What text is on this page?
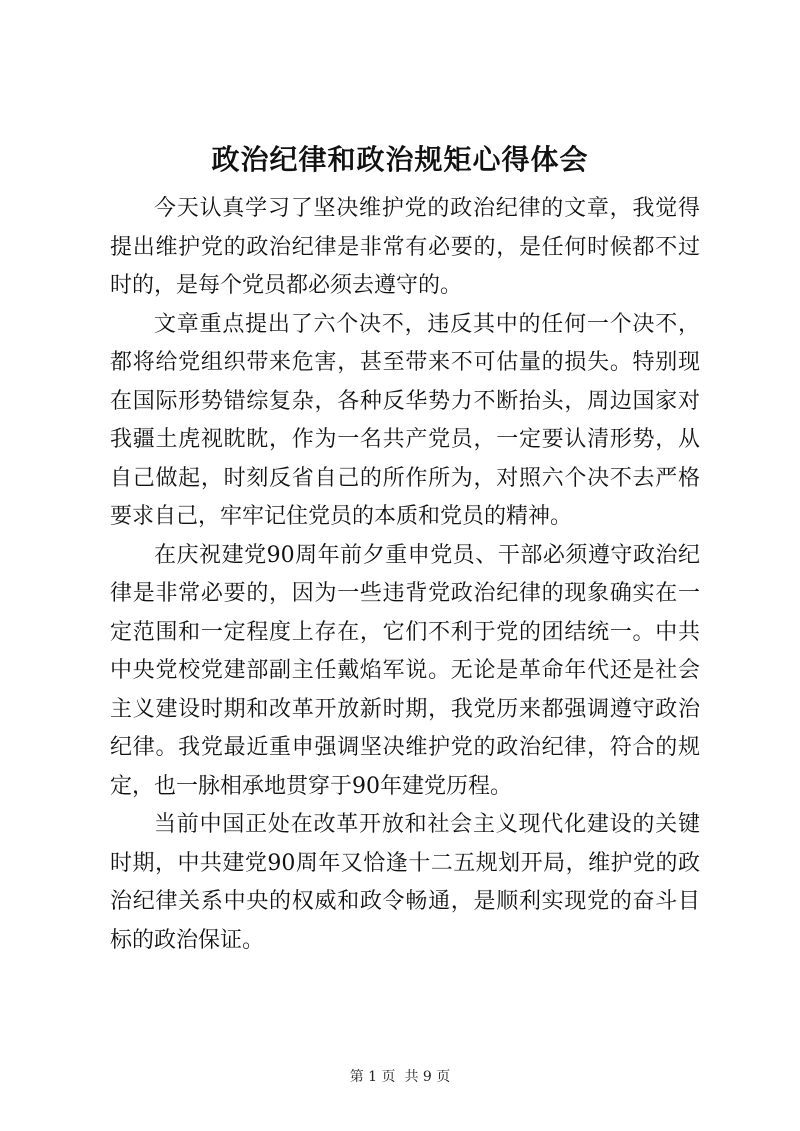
政治纪律和政治规矩心得体会

今天认真学习了坚决维护党的政治纪律的文章，我觉得提出维护党的政治纪律是非常有必要的，是任何时候都不过时的，是每个党员都必须去遵守的。

文章重点提出了六个决不，违反其中的任何一个决不，都将给党组织带来危害，甚至带来不可估量的损失。特别现在国际形势错综复杂，各种反华势力不断抬头，周边国家对我疆土虎视眈眈，作为一名共产党员，一定要认清形势，从自己做起，时刻反省自己的所作所为，对照六个决不去严格要求自己，牢牢记住党员的本质和党员的精神。

在庆祝建党90周年前夕重申党员、干部必须遵守政治纪律是非常必要的，因为一些违背党政治纪律的现象确实在一定范围和一定程度上存在，它们不利于党的团结统一。中共中央党校党建部副主任戴焰军说。无论是革命年代还是社会主义建设时期和改革开放新时期，我党历来都强调遵守政治纪律。我党最近重申强调坚决维护党的政治纪律，符合的规定，也一脉相承地贯穿于90年建党历程。

当前中国正处在改革开放和社会主义现代化建设的关键时期，中共建党90周年又恰逢十二五规划开局，维护党的政治纪律关系中央的权威和政令畅通，是顺利实现党的奋斗目标的政治保证。

第 1 页  共 9 页
